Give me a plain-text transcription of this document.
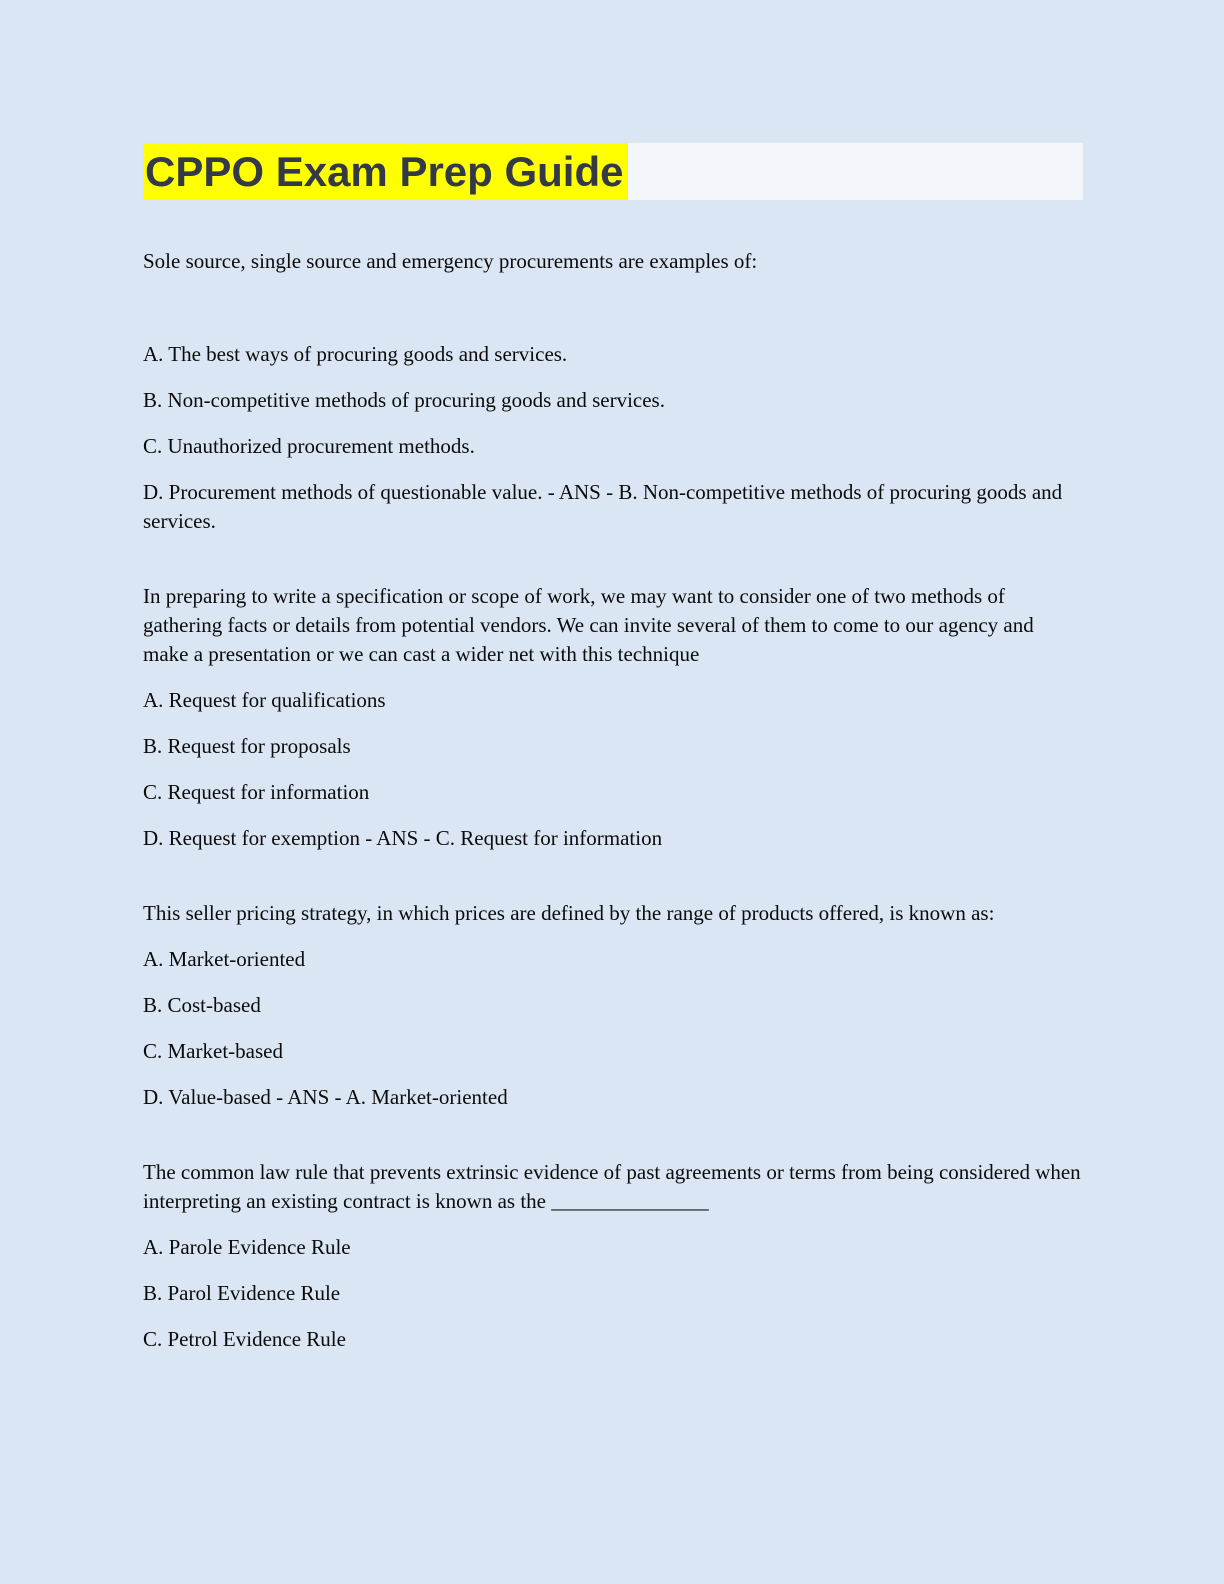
CPPO Exam Prep Guide

Sole source, single source and emergency procurements are examples of:

A. The best ways of procuring goods and services.

B. Non-competitive methods of procuring goods and services.

C. Unauthorized procurement methods.

D. Procurement methods of questionable value. - ANS - B. Non-competitive methods of procuring goods and services.

In preparing to write a specification or scope of work, we may want to consider one of two methods of gathering facts or details from potential vendors. We can invite several of them to come to our agency and make a presentation or we can cast a wider net with this technique

A. Request for qualifications

B. Request for proposals

C. Request for information

D. Request for exemption - ANS - C. Request for information

This seller pricing strategy, in which prices are defined by the range of products offered, is known as:

A. Market-oriented

B. Cost-based

C. Market-based

D. Value-based - ANS - A. Market-oriented

The common law rule that prevents extrinsic evidence of past agreements or terms from being considered when interpreting an existing contract is known as the _______________

A. Parole Evidence Rule

B. Parol Evidence Rule

C. Petrol Evidence Rule
